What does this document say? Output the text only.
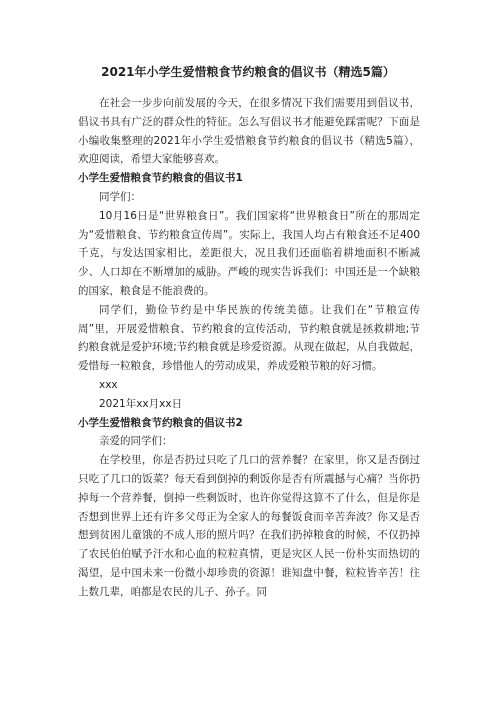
2021年小学生爱惜粮食节约粮食的倡议书（精选5篇）

在社会一步步向前发展的今天，在很多情况下我们需要用到倡议书，倡议书具有广泛的群众性的特征。怎么写倡议书才能避免踩雷呢？下面是小编收集整理的2021年小学生爱惜粮食节约粮食的倡议书（精选5篇），欢迎阅读，希望大家能够喜欢。

小学生爱惜粮食节约粮食的倡议书1

同学们：

10月16日是“世界粮食日”。我们国家将“世界粮食日”所在的那周定为“爱惜粮食、节约粮食宣传周”。实际上，我国人均占有粮食还不足400千克，与发达国家相比，差距很大，况且我们还面临着耕地面积不断减少、人口却在不断增加的威胁。严峻的现实告诉我们：中国还是一个缺粮的国家，粮食是不能浪费的。

同学们，勤俭节约是中华民族的传统美德。让我们在“节粮宣传周”里，开展爱惜粮食、节约粮食的宣传活动，节约粮食就是拯救耕地;节约粮食就是爱护环境;节约粮食就是珍爱资源。从现在做起，从自我做起，爱惜每一粒粮食，珍惜他人的劳动成果，养成爱粮节粮的好习惯。

xxx

2021年xx月xx日

小学生爱惜粮食节约粮食的倡议书2

亲爱的同学们：

在学校里，你是否扔过只吃了几口的营养餐？在家里，你又是否倒过只吃了几口的饭菜？每天看到倒掉的剩饭你是否有所震撼与心痛？当你扔掉每一个营养餐，倒掉一些剩饭时，也许你觉得这算不了什么，但是你是否想到世界上还有许多父母正为全家人的每餐饭食而辛苦奔波？你又是否想到贫困儿童饿的不成人形的照片吗？在我们扔掉粮食的时候，不仅扔掉了农民伯伯赋予汗水和心血的粒粒真情，更是灾区人民一份朴实而热切的渴望，是中国未来一份微小却珍贵的资源！谁知盘中餐，粒粒皆辛苦！往上数几辈，咱都是农民的儿子、孙子。同
